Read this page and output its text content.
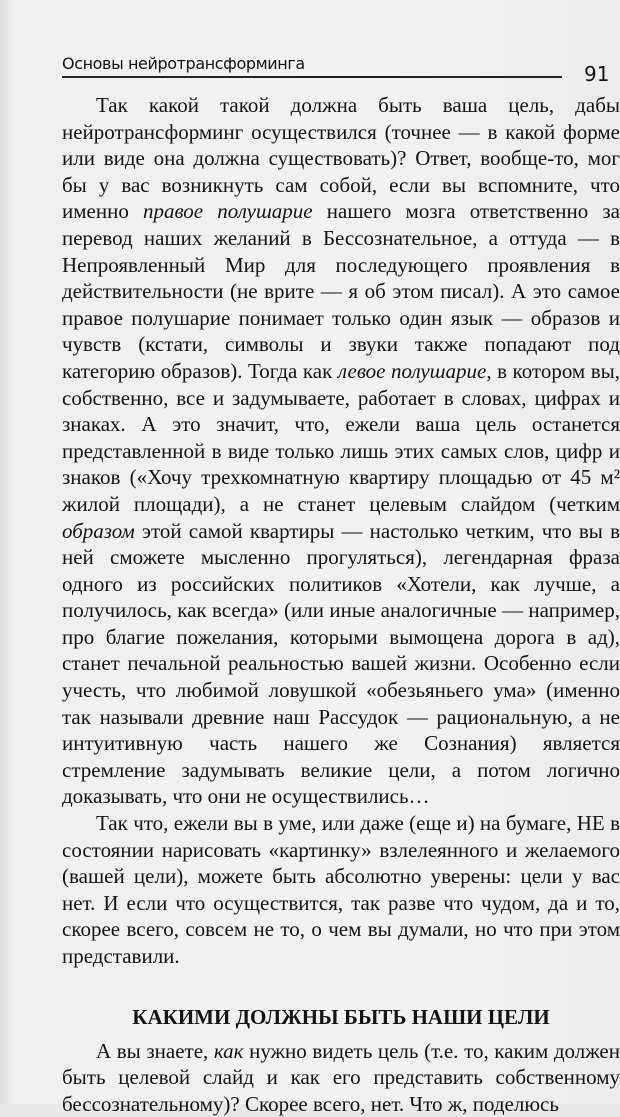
Основы нейротрансформинга	91

Так какой такой должна быть ваша цель, дабы нейротрансформинг осуществился (точнее — в какой форме или виде она должна существовать)? Ответ, вообще-то, мог бы у вас возникнуть сам собой, если вы вспомните, что именно правое полушарие нашего мозга ответственно за перевод наших желаний в Бессознательное, а оттуда — в Непроявленный Мир для последующего проявления в действительности (не врите — я об этом писал). А это самое правое полушарие понимает только один язык — образов и чувств (кстати, символы и звуки также попадают под категорию образов). Тогда как левое полушарие, в котором вы, собственно, все и задумываете, работает в словах, цифрах и знаках. А это значит, что, ежели ваша цель останется представленной в виде только лишь этих самых слов, цифр и знаков («Хочу трехкомнатную квартиру площадью от 45 м² жилой площади), а не станет целевым слайдом (четким образом этой самой квартиры — настолько четким, что вы в ней сможете мысленно прогуляться), легендарная фраза одного из российских политиков «Хотели, как лучше, а получилось, как всегда» (или иные аналогичные — например, про благие пожелания, которыми вымощена дорога в ад), станет печальной реальностью вашей жизни. Особенно если учесть, что любимой ловушкой «обезьяньего ума» (именно так называли древние наш Рассудок — рациональную, а не интуитивную часть нашего же Сознания) является стремление задумывать великие цели, а потом логично доказывать, что они не осуществились…

Так что, ежели вы в уме, или даже (еще и) на бумаге, НЕ в состоянии нарисовать «картинку» взлелеянного и желаемого (вашей цели), можете быть абсолютно уверены: цели у вас нет. И если что осуществится, так разве что чудом, да и то, скорее всего, совсем не то, о чем вы думали, но что при этом представили.

КАКИМИ ДОЛЖНЫ БЫТЬ НАШИ ЦЕЛИ

А вы знаете, как нужно видеть цель (т.е. то, каким должен быть целевой слайд и как его представить собственному бессознательному)? Скорее всего, нет. Что ж, поделюсь
